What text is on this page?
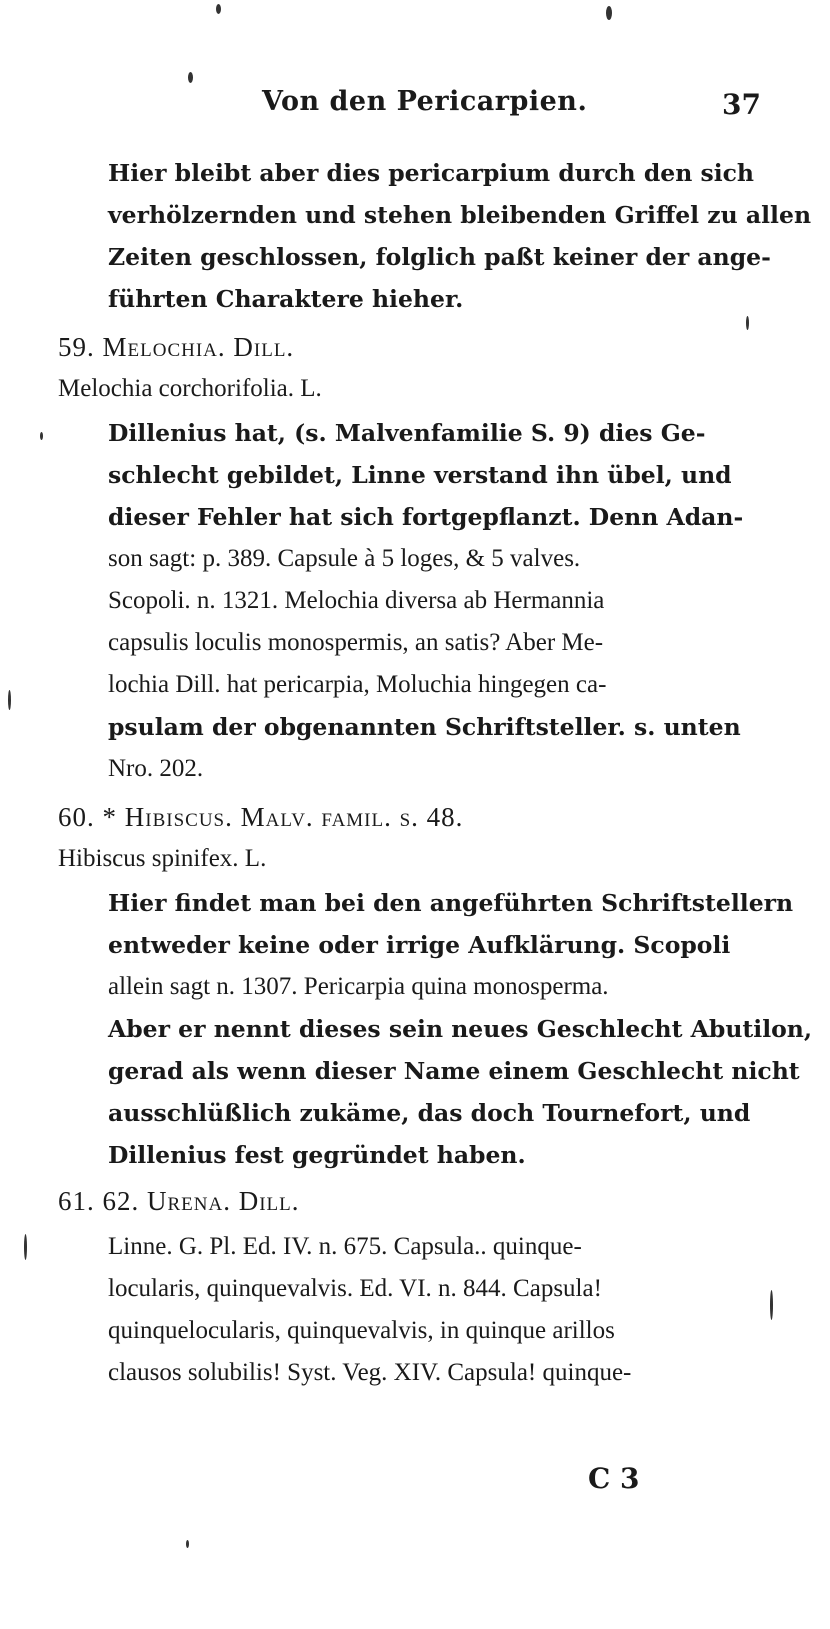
Von den Pericarpien.	37
Hier bleibt aber dies pericarpium durch den sich
verhölzernden und stehen bleibenden Griffel zu allen
Zeiten geschlossen, folglich paßt keiner der ange-
führten Charaktere hieher.
59. Melochia. Dill.
Melochia corchorifolia. L.
Dillenius hat, (s. Malvenfamilie S. 9) dies Ge-
schlecht gebildet, Linne verstand ihn übel, und
dieser Fehler hat sich fortgepflanzt. Denn Adan-
son sagt: p. 389. Capsule à 5 loges, & 5 valves.
Scopoli. n. 1321. Melochia diversa ab Hermannia
capsulis loculis monospermis, an satis? Aber Me-
lochia Dill. hat pericarpia, Moluchia hingegen ca-
psulam der obgenannten Schriftsteller. s. unten
Nro. 202.
60. * Hibiscus. Malv. famil. s. 48.
Hibiscus spinifex. L.
Hier findet man bei den angeführten Schriftstellern
entweder keine oder irrige Aufklärung. Scopoli
allein sagt n. 1307. Pericarpia quina monosperma.
Aber er nennt dieses sein neues Geschlecht Abutilon,
gerad als wenn dieser Name einem Geschlecht nicht
ausschlüßlich zukäme, das doch Tournefort, und
Dillenius fest gegründet haben.
61. 62. Urena. Dill.
Linne. G. Pl. Ed. IV. n. 675. Capsula.. quinque-
locularis, quinquevalvis. Ed. VI. n. 844. Capsula!
quinquelocularis, quinquevalvis, in quinque arillos
clausos solubilis! Syst. Veg. XIV. Capsula! quinque-
C 3
